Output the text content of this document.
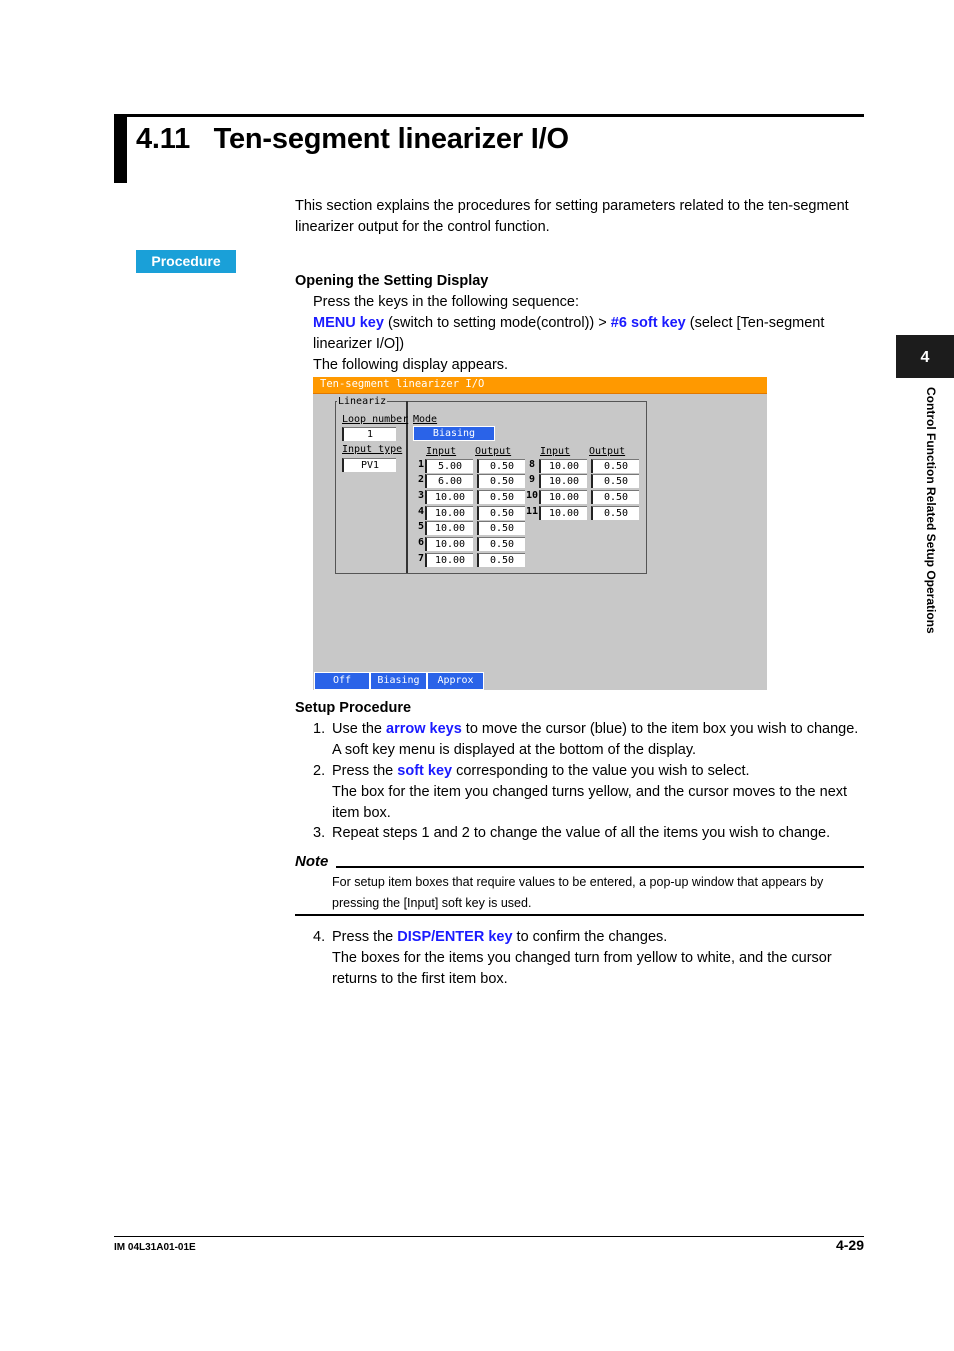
4.11 Ten-segment linearizer I/O
This section explains the procedures for setting parameters related to the ten-segment linearizer output for the control function.
Procedure
Opening the Setting Display
Press the keys in the following sequence:
MENU key (switch to setting mode(control)) > #6 soft key (select [Ten-segment
linearizer I/O])
The following display appears.
Ten-segment linearizer I/O
Lineariz
Loop number
1
Input type
PV1
Mode
Biasing
Input Output	Input Output
1	5.00	0.50
2	6.00	0.50
3	10.00	0.50
4	10.00	0.50
5	10.00	0.50
6	10.00	0.50
7	10.00	0.50
8	10.00	0.50
9	10.00	0.50
10	10.00	0.50
11	10.00	0.50
Off	Biasing	Approx
Setup Procedure
1. Use the arrow keys to move the cursor (blue) to the item box you wish to change.
A soft key menu is displayed at the bottom of the display.
2. Press the soft key corresponding to the value you wish to select.
The box for the item you changed turns yellow, and the cursor moves to the next
item box.
3. Repeat steps 1 and 2 to change the value of all the items you wish to change.
Note
For setup item boxes that require values to be entered, a pop-up window that appears by
pressing the [Input] soft key is used.
4. Press the DISP/ENTER key to confirm the changes.
The boxes for the items you changed turn from yellow to white, and the cursor
returns to the first item box.
4
Control Function Related Setup Operations
IM 04L31A01-01E	4-29
